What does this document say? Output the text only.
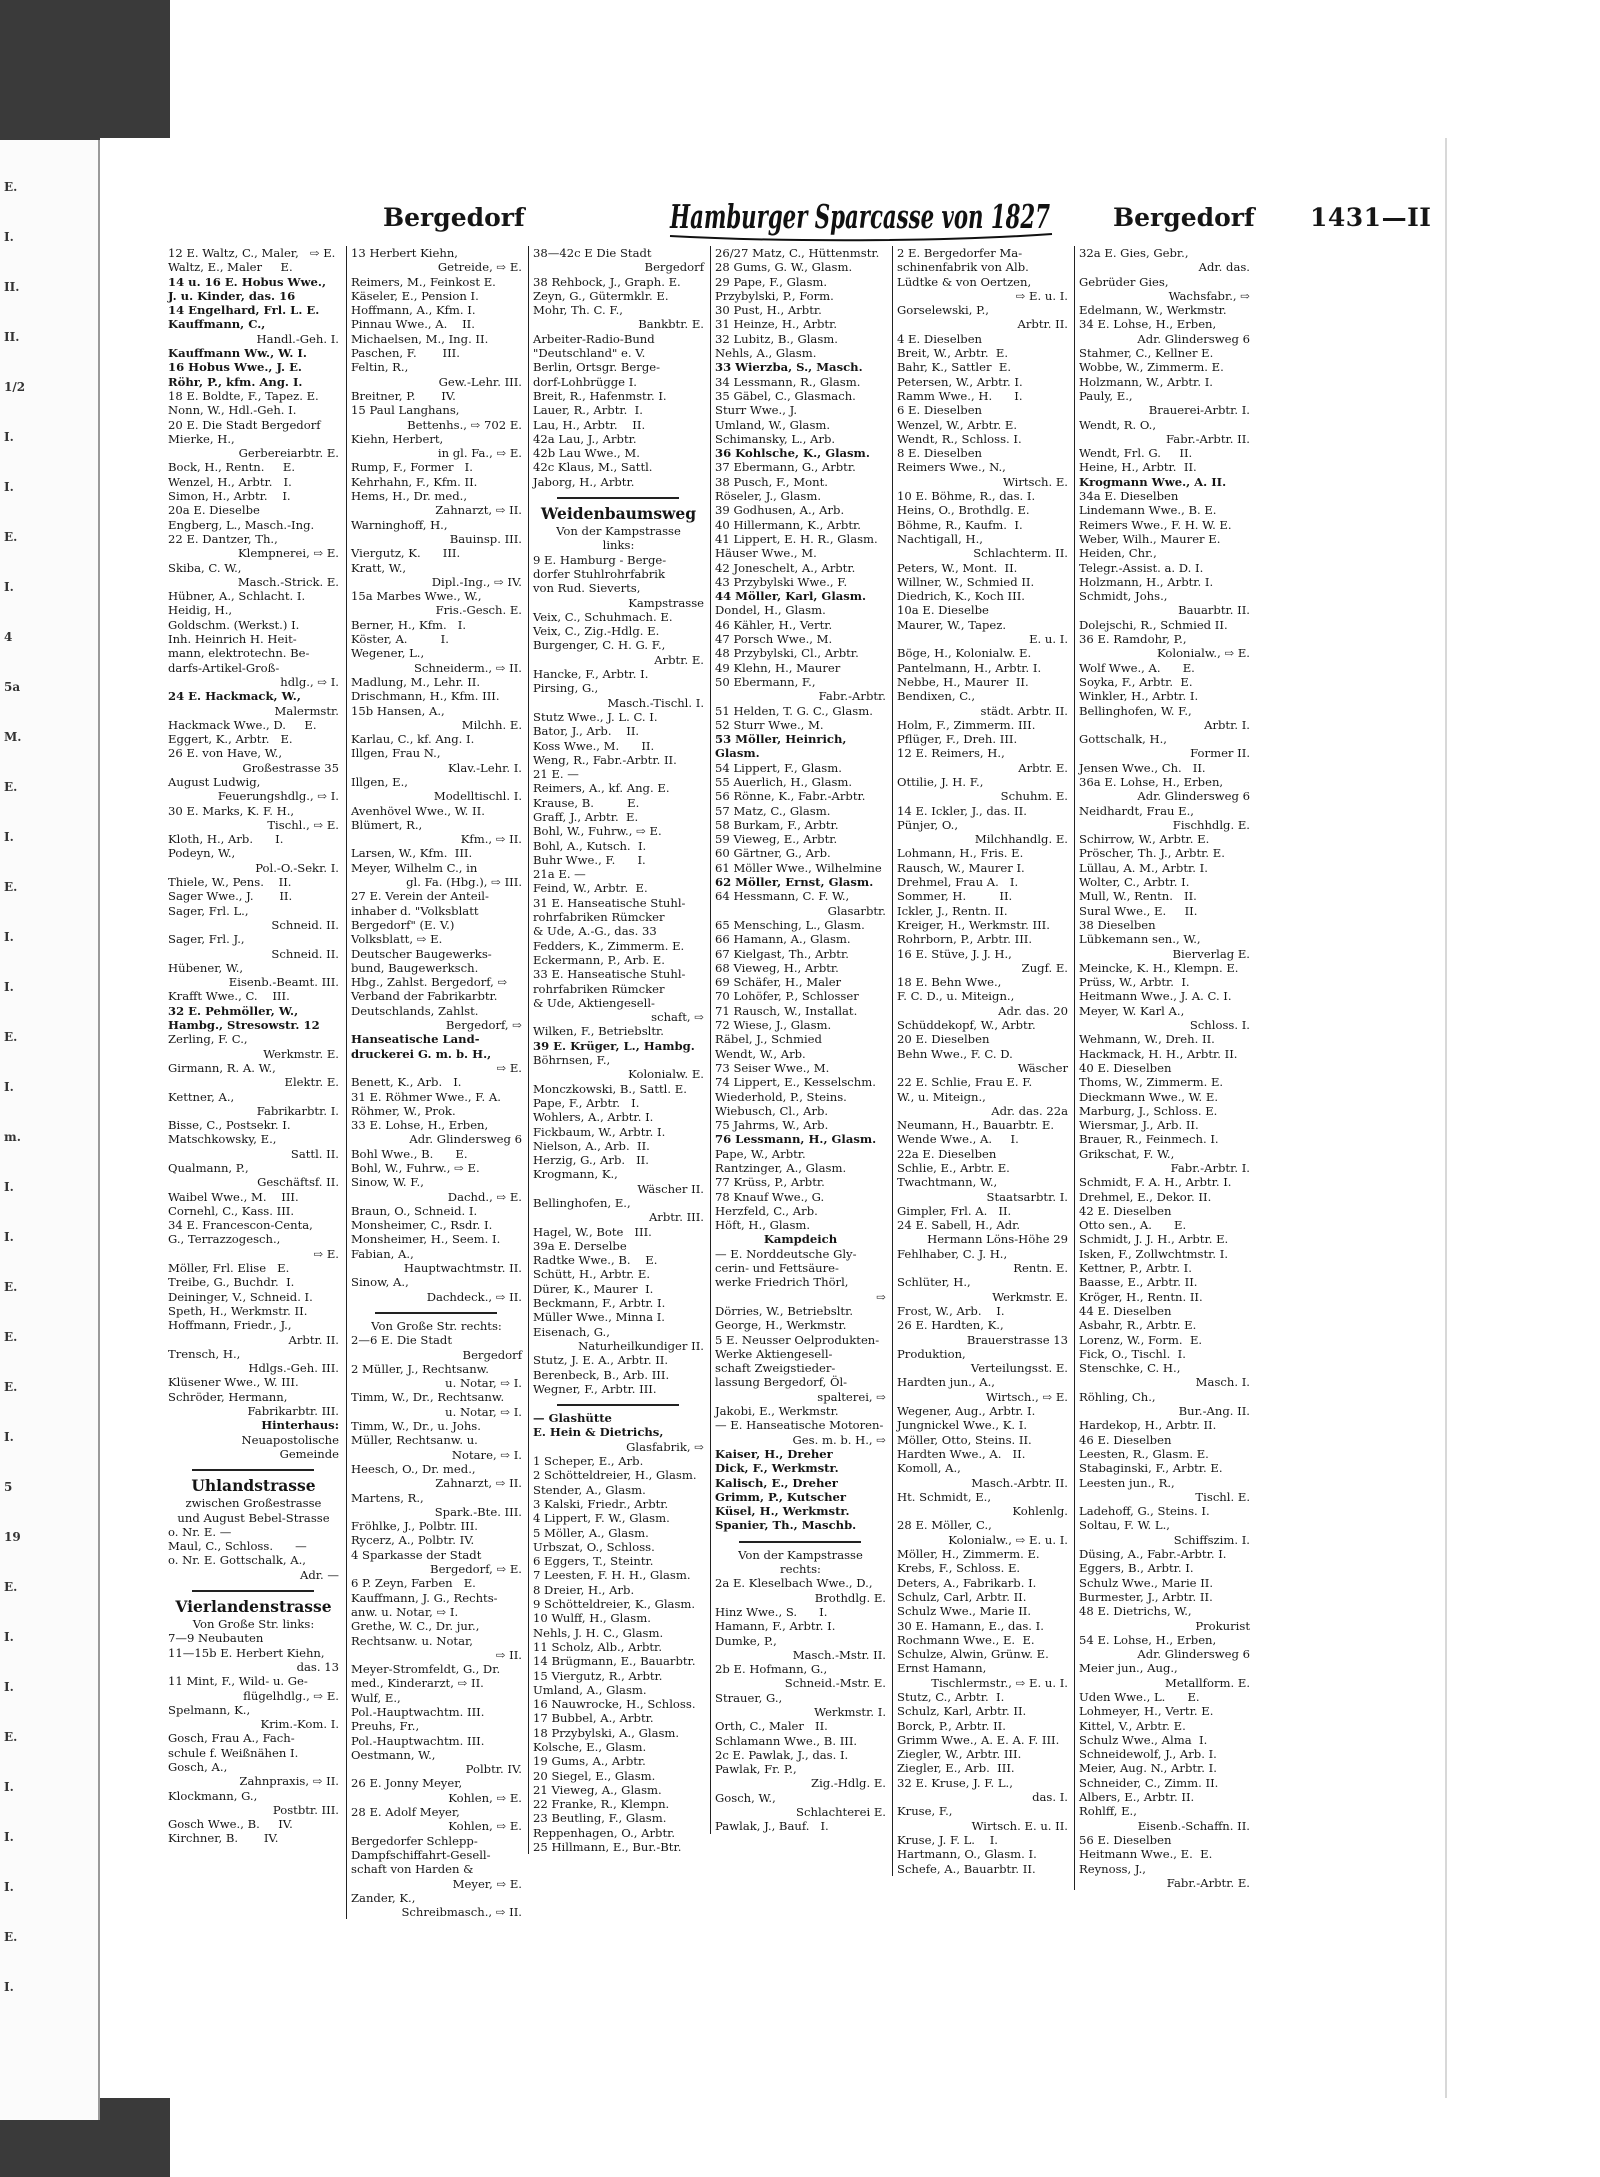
E.
I.
II.
II.
1/2
I.
I.
E.
I.
4
5a
M.
E.
I.
E.
I.
I.
E.
I.
m.
I.
I.
E.
E.
E.
I.
5
19
E.
I.
I.
E.
I.
I.
I.
E.
I.
Bergedorf	Hamburger Sparcasse von 1827	Bergedorf 1431—II
12 E. Waltz, C., Maler,   ⇨ E.
Waltz, E., Maler     E.
14 u. 16 E. Hobus Wwe.,
J. u. Kinder, das. 16
14 Engelhard, Frl. L. E.
Kauffmann, C.,
Handl.-Geh. I.
Kauffmann Ww., W. I.
16 Hobus Wwe., J. E.
Röhr, P., kfm. Ang. I.
18 E. Boldte, F., Tapez. E.
Nonn, W., Hdl.-Geh. I.
20 E. Die Stadt Bergedorf
Mierke, H.,
Gerbereiarbtr. E.
Bock, H., Rentn.     E.
Wenzel, H., Arbtr.   I.
Simon, H., Arbtr.    I.
20a E. Dieselbe
Engberg, L., Masch.-Ing.
22 E. Dantzer, Th.,
Klempnerei, ⇨ E.
Skiba, C. W.,
Masch.-Strick. E.
Hübner, A., Schlacht. I.
Heidig, H.,
Goldschm. (Werkst.) I.
Inh. Heinrich H. Heit-
mann, elektrotechn. Be-
darfs-Artikel-Groß-
hdlg., ⇨ I.
24 E. Hackmack, W.,
Malermstr.
Hackmack Wwe., D.     E.
Eggert, K., Arbtr.   E.
26 E. von Have, W.,
Großestrasse 35
August Ludwig,
Feuerungshdlg., ⇨ I.
30 E. Marks, K. F. H.,
Tischl., ⇨ E.
Kloth, H., Arb.      I.
Podeyn, W.,
Pol.-O.-Sekr. I.
Thiele, W., Pens.    II.
Sager Wwe., J.       II.
Sager, Frl. L.,
Schneid. II.
Sager, Frl. J.,
Schneid. II.
Hübener, W.,
Eisenb.-Beamt. III.
Krafft Wwe., C.    III.
32 E. Pehmöller, W.,
Hambg., Stresowstr. 12
Zerling, F. C.,
Werkmstr. E.
Girmann, R. A. W.,
Elektr. E.
Kettner, A.,
Fabrikarbtr. I.
Bisse, C., Postsekr. I.
Matschkowsky, E.,
Sattl. II.
Qualmann, P.,
Geschäftsf. II.
Waibel Wwe., M.    III.
Cornehl, C., Kass. III.
34 E. Francescon-Centa,
G., Terrazzogesch.,
⇨ E.
Möller, Frl. Elise   E.
Treibe, G., Buchdr.  I.
Deininger, V., Schneid. I.
Speth, H., Werkmstr. II.
Hoffmann, Friedr., J.,
Arbtr. II.
Trensch, H.,
Hdlgs.-Geh. III.
Klüsener Wwe., W. III.
Schröder, Hermann,
Fabrikarbtr. III.
Hinterhaus:
Neuapostolische
Gemeinde
Uhlandstrasse
zwischen Großestrasse
und August Bebel-Strasse
o. Nr. E. —
Maul, C., Schloss.      —
o. Nr. E. Gottschalk, A.,
Adr. —
Vierlandenstrasse
Von Große Str. links:
7—9 Neubauten
11—15b E. Herbert Kiehn,
das. 13
11 Mint, F., Wild- u. Ge-
flügelhdlg., ⇨ E.
Spelmann, K.,
Krim.-Kom. I.
Gosch, Frau A., Fach-
schule f. Weißnähen I.
Gosch, A.,
Zahnpraxis, ⇨ II.
Klockmann, G.,
Postbtr. III.
Gosch Wwe., B.     IV.
Kirchner, B.       IV.
13 Herbert Kiehn,
Getreide, ⇨ E.
Reimers, M., Feinkost E.
Käseler, E., Pension I.
Hoffmann, A., Kfm. I.
Pinnau Wwe., A.    II.
Michaelsen, M., Ing. II.
Paschen, F.       III.
Feltin, R.,
Gew.-Lehr. III.
Breitner, P.       IV.
15 Paul Langhans,
Bettenhs., ⇨ 702 E.
Kiehn, Herbert,
in gl. Fa., ⇨ E.
Rump, F., Former   I.
Kehrhahn, F., Kfm. II.
Hems, H., Dr. med.,
Zahnarzt, ⇨ II.
Warninghoff, H.,
Bauinsp. III.
Viergutz, K.      III.
Kratt, W.,
Dipl.-Ing., ⇨ IV.
15a Marbes Wwe., W.,
Fris.-Gesch. E.
Berner, H., Kfm.   I.
Köster, A.         I.
Wegener, L.,
Schneiderm., ⇨ II.
Madlung, M., Lehr. II.
Drischmann, H., Kfm. III.
15b Hansen, A.,
Milchh. E.
Karlau, C., kf. Ang. I.
Illgen, Frau N.,
Klav.-Lehr. I.
Illgen, E.,
Modelltischl. I.
Avenhövel Wwe., W. II.
Blümert, R.,
Kfm., ⇨ II.
Larsen, W., Kfm.  III.
Meyer, Wilhelm C., in
gl. Fa. (Hbg.), ⇨ III.
27 E. Verein der Anteil-
inhaber d. "Volksblatt
Bergedorf" (E. V.)
Volksblatt, ⇨ E.
Deutscher Baugewerks-
bund, Baugewerksch.
Hbg., Zahlst. Bergedorf, ⇨
Verband der Fabrikarbtr.
Deutschlands, Zahlst.
Bergedorf, ⇨
Hanseatische Land-
druckerei G. m. b. H.,
⇨ E.
Benett, K., Arb.   I.
31 E. Röhmer Wwe., F. A.
Röhmer, W., Prok.
33 E. Lohse, H., Erben,
Adr. Glindersweg 6
Bohl Wwe., B.      E.
Bohl, W., Fuhrw., ⇨ E.
Sinow, W. F.,
Dachd., ⇨ E.
Braun, O., Schneid. I.
Monsheimer, C., Rsdr. I.
Monsheimer, H., Seem. I.
Fabian, A.,
Hauptwachtmstr. II.
Sinow, A.,
Dachdeck., ⇨ II.
Von Große Str. rechts:
2—6 E. Die Stadt
Bergedorf
2 Müller, J., Rechtsanw.
u. Notar, ⇨ I.
Timm, W., Dr., Rechtsanw.
u. Notar, ⇨ I.
Timm, W., Dr., u. Johs.
Müller, Rechtsanw. u.
Notare, ⇨ I.
Heesch, O., Dr. med.,
Zahnarzt, ⇨ II.
Martens, R.,
Spark.-Bte. III.
Fröhlke, J., Polbtr. III.
Rycerz, A., Polbtr. IV.
4 Sparkasse der Stadt
Bergedorf, ⇨ E.
6 P. Zeyn, Farben   E.
Kauffmann, J. G., Rechts-
anw. u. Notar, ⇨ I.
Grethe, W. C., Dr. jur.,
Rechtsanw. u. Notar,
⇨ II.
Meyer-Stromfeldt, G., Dr.
med., Kinderarzt, ⇨ II.
Wulf, E.,
Pol.-Hauptwachtm. III.
Preuhs, Fr.,
Pol.-Hauptwachtm. III.
Oestmann, W.,
Polbtr. IV.
26 E. Jonny Meyer,
Kohlen, ⇨ E.
28 E. Adolf Meyer,
Kohlen, ⇨ E.
Bergedorfer Schlepp-
Dampfschiffahrt-Gesell-
schaft von Harden &
Meyer, ⇨ E.
Zander, K.,
Schreibmasch., ⇨ II.
38—42c E Die Stadt
Bergedorf
38 Rehbock, J., Graph. E.
Zeyn, G., Gütermklr. E.
Mohr, Th. C. F.,
Bankbtr. E.
Arbeiter-Radio-Bund
"Deutschland" e. V.
Berlin, Ortsgr. Berge-
dorf-Lohbrügge I.
Breit, R., Hafenmstr. I.
Lauer, R., Arbtr.  I.
Lau, H., Arbtr.    II.
42a Lau, J., Arbtr.
42b Lau Wwe., M.
42c Klaus, M., Sattl.
Jaborg, H., Arbtr.
Weidenbaumsweg
Von der Kampstrasse
links:
9 E. Hamburg - Berge-
dorfer Stuhlrohrfabrik
von Rud. Sieverts,
Kampstrasse
Veix, C., Schuhmach. E.
Veix, C., Zig.-Hdlg. E.
Burgenger, C. H. G. F.,
Arbtr. E.
Hancke, F., Arbtr. I.
Pirsing, G.,
Masch.-Tischl. I.
Stutz Wwe., J. L. C. I.
Bator, J., Arb.    II.
Koss Wwe., M.      II.
Weng, R., Fabr.-Arbtr. II.
21 E. —
Reimers, A., kf. Ang. E.
Krause, B.         E.
Graff, J., Arbtr.  E.
Bohl, W., Fuhrw., ⇨ E.
Bohl, A., Kutsch.  I.
Buhr Wwe., F.      I.
21a E. —
Feind, W., Arbtr.  E.
31 E. Hanseatische Stuhl-
rohrfabriken Rümcker
& Ude, A.-G., das. 33
Fedders, K., Zimmerm. E.
Eckermann, P., Arb. E.
33 E. Hanseatische Stuhl-
rohrfabriken Rümcker
& Ude, Aktiengesell-
schaft, ⇨
Wilken, F., Betriebsltr.
39 E. Krüger, L., Hambg.
Böhrnsen, F.,
Kolonialw. E.
Monczkowski, B., Sattl. E.
Pape, F., Arbtr.   I.
Wohlers, A., Arbtr. I.
Fickbaum, W., Arbtr. I.
Nielson, A., Arb.  II.
Herzig, G., Arb.   II.
Krogmann, K.,
Wäscher II.
Bellinghofen, E.,
Arbtr. III.
Hagel, W., Bote   III.
39a E. Derselbe
Radtke Wwe., B.    E.
Schütt, H., Arbtr. E.
Dürer, K., Maurer  I.
Beckmann, F., Arbtr. I.
Müller Wwe., Minna I.
Eisenach, G.,
Naturheilkundiger II.
Stutz, J. E. A., Arbtr. II.
Berenbeck, B., Arb. III.
Wegner, F., Arbtr. III.
— Glashütte
E. Hein & Dietrichs,
Glasfabrik, ⇨
1 Scheper, E., Arb.
2 Schötteldreier, H., Glasm.
Stender, A., Glasm.
3 Kalski, Friedr., Arbtr.
4 Lippert, F. W., Glasm.
5 Möller, A., Glasm.
Urbszat, O., Schloss.
6 Eggers, T., Steintr.
7 Leesten, F. H. H., Glasm.
8 Dreier, H., Arb.
9 Schötteldreier, K., Glasm.
10 Wulff, H., Glasm.
Nehls, J. H. C., Glasm.
11 Scholz, Alb., Arbtr.
14 Brügmann, E., Bauarbtr.
15 Viergutz, R., Arbtr.
Umland, A., Glasm.
16 Nauwrocke, H., Schloss.
17 Bubbel, A., Arbtr.
18 Przybylski, A., Glasm.
Kolsche, E., Glasm.
19 Gums, A., Arbtr.
20 Siegel, E., Glasm.
21 Vieweg, A., Glasm.
22 Franke, R., Klempn.
23 Beutling, F., Glasm.
Reppenhagen, O., Arbtr.
25 Hillmann, E., Bur.-Btr.
26/27 Matz, C., Hüttenmstr.
28 Gums, G. W., Glasm.
29 Pape, F., Glasm.
Przybylski, P., Form.
30 Pust, H., Arbtr.
31 Heinze, H., Arbtr.
32 Lubitz, B., Glasm.
Nehls, A., Glasm.
33 Wierzba, S., Masch.
34 Lessmann, R., Glasm.
35 Gäbel, C., Glasmach.
Sturr Wwe., J.
Umland, W., Glasm.
Schimansky, L., Arb.
36 Kohlsche, K., Glasm.
37 Ebermann, G., Arbtr.
38 Pusch, F., Mont.
Röseler, J., Glasm.
39 Godhusen, A., Arb.
40 Hillermann, K., Arbtr.
41 Lippert, E. H. R., Glasm.
Häuser Wwe., M.
42 Joneschelt, A., Arbtr.
43 Przybylski Wwe., F.
44 Möller, Karl, Glasm.
Dondel, H., Glasm.
46 Kähler, H., Vertr.
47 Porsch Wwe., M.
48 Przybylski, Cl., Arbtr.
49 Klehn, H., Maurer
50 Ebermann, F.,
Fabr.-Arbtr.
51 Helden, T. G. C., Glasm.
52 Sturr Wwe., M.
53 Möller, Heinrich, Glasm.
54 Lippert, F., Glasm.
55 Auerlich, H., Glasm.
56 Rönne, K., Fabr.-Arbtr.
57 Matz, C., Glasm.
58 Burkam, F., Arbtr.
59 Vieweg, E., Arbtr.
60 Gärtner, G., Arb.
61 Möller Wwe., Wilhelmine
62 Möller, Ernst, Glasm.
64 Hessmann, C. F. W.,
Glasarbtr.
65 Mensching, L., Glasm.
66 Hamann, A., Glasm.
67 Kielgast, Th., Arbtr.
68 Vieweg, H., Arbtr.
69 Schäfer, H., Maler
70 Lohöfer, P., Schlosser
71 Rausch, W., Installat.
72 Wiese, J., Glasm.
Räbel, J., Schmied
Wendt, W., Arb.
73 Seiser Wwe., M.
74 Lippert, E., Kesselschm.
Wiederhold, P., Steins.
Wiebusch, Cl., Arb.
75 Jahrms, W., Arb.
76 Lessmann, H., Glasm.
Pape, W., Arbtr.
Rantzinger, A., Glasm.
77 Krüss, P., Arbtr.
78 Knauf Wwe., G.
Herzfeld, C., Arb.
Höft, H., Glasm.
Kampdeich
— E. Norddeutsche Gly-
cerin- und Fettsäure-
werke Friedrich Thörl,
⇨
Dörries, W., Betriebsltr.
George, H., Werkmstr.
5 E. Neusser Oelprodukten-
Werke Aktiengesell-
schaft Zweigstieder-
lassung Bergedorf, Öl-
spalterei, ⇨
Jakobi, E., Werkmstr.
— E. Hanseatische Motoren-
Ges. m. b. H., ⇨
Kaiser, H., Dreher
Dick, F., Werkmstr.
Kalisch, E., Dreher
Grimm, P., Kutscher
Küsel, H., Werkmstr.
Spanier, Th., Maschb.
Von der Kampstrasse
rechts:
2a E. Kleselbach Wwe., D.,
Brothdlg. E.
Hinz Wwe., S.      I.
Hamann, F., Arbtr. I.
Dumke, P.,
Masch.-Mstr. II.
2b E. Hofmann, G.,
Schneid.-Mstr. E.
Strauer, G.,
Werkmstr. I.
Orth, C., Maler   II.
Schlamann Wwe., B. III.
2c E. Pawlak, J., das. I.
Pawlak, Fr. P.,
Zig.-Hdlg. E.
Gosch, W.,
Schlachterei E.
Pawlak, J., Bauf.   I.
2 E. Bergedorfer Ma-
schinenfabrik von Alb.
Lüdtke & von Oertzen,
⇨ E. u. I.
Gorselewski, P.,
Arbtr. II.
4 E. Dieselben
Breit, W., Arbtr.  E.
Bahr, K., Sattler  E.
Petersen, W., Arbtr. I.
Ramm Wwe., H.      I.
6 E. Dieselben
Wenzel, W., Arbtr. E.
Wendt, R., Schloss. I.
8 E. Dieselben
Reimers Wwe., N.,
Wirtsch. E.
10 E. Böhme, R., das. I.
Heins, O., Brothdlg. E.
Böhme, R., Kaufm.  I.
Nachtigall, H.,
Schlachterm. II.
Peters, W., Mont.  II.
Willner, W., Schmied II.
Diedrich, K., Koch III.
10a E. Dieselbe
Maurer, W., Tapez.
E. u. I.
Böge, H., Kolonialw. E.
Pantelmann, H., Arbtr. I.
Nebbe, H., Maurer  II.
Bendixen, C.,
städt. Arbtr. II.
Holm, F., Zimmerm. III.
Pflüger, F., Dreh. III.
12 E. Reimers, H.,
Arbtr. E.
Ottilie, J. H. F.,
Schuhm. E.
14 E. Ickler, J., das. II.
Pünjer, O.,
Milchhandlg. E.
Lohmann, H., Fris. E.
Rausch, W., Maurer I.
Drehmel, Frau A.   I.
Sommer, H.         II.
Ickler, J., Rentn. II.
Kreiger, H., Werkmstr. III.
Rohrborn, P., Arbtr. III.
16 E. Stüve, J. J. H.,
Zugf. E.
18 E. Behn Wwe.,
F. C. D., u. Miteign.,
Adr. das. 20
Schüddekopf, W., Arbtr.
20 E. Dieselben
Behn Wwe., F. C. D.
Wäscher
22 E. Schlie, Frau E. F.
W., u. Miteign.,
Adr. das. 22a
Neumann, H., Bauarbtr. E.
Wende Wwe., A.     I.
22a E. Dieselben
Schlie, E., Arbtr. E.
Twachtmann, W.,
Staatsarbtr. I.
Gimpler, Frl. A.   II.
24 E. Sabell, H., Adr.
Hermann Löns-Höhe 29
Fehlhaber, C. J. H.,
Rentn. E.
Schlüter, H.,
Werkmstr. E.
Frost, W., Arb.    I.
26 E. Hardten, K.,
Brauerstrasse 13
Produktion,
Verteilungsst. E.
Hardten jun., A.,
Wirtsch., ⇨ E.
Wegener, Aug., Arbtr. I.
Jungnickel Wwe., K. I.
Möller, Otto, Steins. II.
Hardten Wwe., A.   II.
Komoll, A.,
Masch.-Arbtr. II.
Ht. Schmidt, E.,
Kohlenlg.
28 E. Möller, C.,
Kolonialw., ⇨ E. u. I.
Möller, H., Zimmerm. E.
Krebs, F., Schloss. E.
Deters, A., Fabrikarb. I.
Schulz, Carl, Arbtr. II.
Schulz Wwe., Marie II.
30 E. Hamann, E., das. I.
Rochmann Wwe., E.  E.
Schulze, Alwin, Grünw. E.
Ernst Hamann,
Tischlermstr., ⇨ E. u. I.
Stutz, C., Arbtr.  I.
Schulz, Karl, Arbtr. II.
Borck, P., Arbtr. II.
Grimm Wwe., A. E. A. F. III.
Ziegler, W., Arbtr. III.
Ziegler, E., Arb.  III.
32 E. Kruse, J. F. L.,
das. I.
Kruse, F.,
Wirtsch. E. u. II.
Kruse, J. F. L.    I.
Hartmann, O., Glasm. I.
Schefe, A., Bauarbtr. II.
32a E. Gies, Gebr.,
Adr. das.
Gebrüder Gies,
Wachsfabr., ⇨
Edelmann, W., Werkmstr.
34 E. Lohse, H., Erben,
Adr. Glindersweg 6
Stahmer, C., Kellner E.
Wobbe, W., Zimmerm. E.
Holzmann, W., Arbtr. I.
Pauly, E.,
Brauerei-Arbtr. I.
Wendt, R. O.,
Fabr.-Arbtr. II.
Wendt, Frl. G.     II.
Heine, H., Arbtr.  II.
Krogmann Wwe., A. II.
34a E. Dieselben
Lindemann Wwe., B. E.
Reimers Wwe., F. H. W. E.
Weber, Wilh., Maurer E.
Heiden, Chr.,
Telegr.-Assist. a. D. I.
Holzmann, H., Arbtr. I.
Schmidt, Johs.,
Bauarbtr. II.
Dolejschi, R., Schmied II.
36 E. Ramdohr, P.,
Kolonialw., ⇨ E.
Wolf Wwe., A.      E.
Soyka, F., Arbtr.  E.
Winkler, H., Arbtr. I.
Bellinghofen, W. F.,
Arbtr. I.
Gottschalk, H.,
Former II.
Jensen Wwe., Ch.   II.
36a E. Lohse, H., Erben,
Adr. Glindersweg 6
Neidhardt, Frau E.,
Fischhdlg. E.
Schirrow, W., Arbtr. E.
Pröscher, Th. J., Arbtr. E.
Lüllau, A. M., Arbtr. I.
Wolter, C., Arbtr. I.
Mull, W., Rentn.   II.
Sural Wwe., E.     II.
38 Dieselben
Lübkemann sen., W.,
Bierverlag E.
Meincke, K. H., Klempn. E.
Prüss, W., Arbtr.  I.
Heitmann Wwe., J. A. C. I.
Meyer, W. Karl A.,
Schloss. I.
Wehmann, W., Dreh. II.
Hackmack, H. H., Arbtr. II.
40 E. Dieselben
Thoms, W., Zimmerm. E.
Dieckmann Wwe., W. E.
Marburg, J., Schloss. E.
Wiersmar, J., Arb. II.
Brauer, R., Feinmech. I.
Grikschat, F. W.,
Fabr.-Arbtr. I.
Schmidt, F. A. H., Arbtr. I.
Drehmel, E., Dekor. II.
42 E. Dieselben
Otto sen., A.      E.
Schmidt, J. J. H., Arbtr. E.
Isken, F., Zollwchtmstr. I.
Kettner, P., Arbtr. I.
Baasse, E., Arbtr. II.
Kröger, H., Rentn. II.
44 E. Dieselben
Asbahr, R., Arbtr. E.
Lorenz, W., Form.  E.
Fick, O., Tischl.  I.
Stenschke, C. H.,
Masch. I.
Röhling, Ch.,
Bur.-Ang. II.
Hardekop, H., Arbtr. II.
46 E. Dieselben
Leesten, R., Glasm. E.
Stabaginski, F., Arbtr. E.
Leesten jun., R.,
Tischl. E.
Ladehoff, G., Steins. I.
Soltau, F. W. L.,
Schiffszim. I.
Düsing, A., Fabr.-Arbtr. I.
Eggers, B., Arbtr. I.
Schulz Wwe., Marie II.
Burmester, J., Arbtr. II.
48 E. Dietrichs, W.,
Prokurist
54 E. Lohse, H., Erben,
Adr. Glindersweg 6
Meier jun., Aug.,
Metallform. E.
Uden Wwe., L.      E.
Lohmeyer, H., Vertr. E.
Kittel, V., Arbtr. E.
Schulz Wwe., Alma  I.
Schneidewolf, J., Arb. I.
Meier, Aug. N., Arbtr. I.
Schneider, C., Zimm. II.
Albers, E., Arbtr. II.
Rohlff, E.,
Eisenb.-Schaffn. II.
56 E. Dieselben
Heitmann Wwe., E.  E.
Reynoss, J.,
Fabr.-Arbtr. E.
